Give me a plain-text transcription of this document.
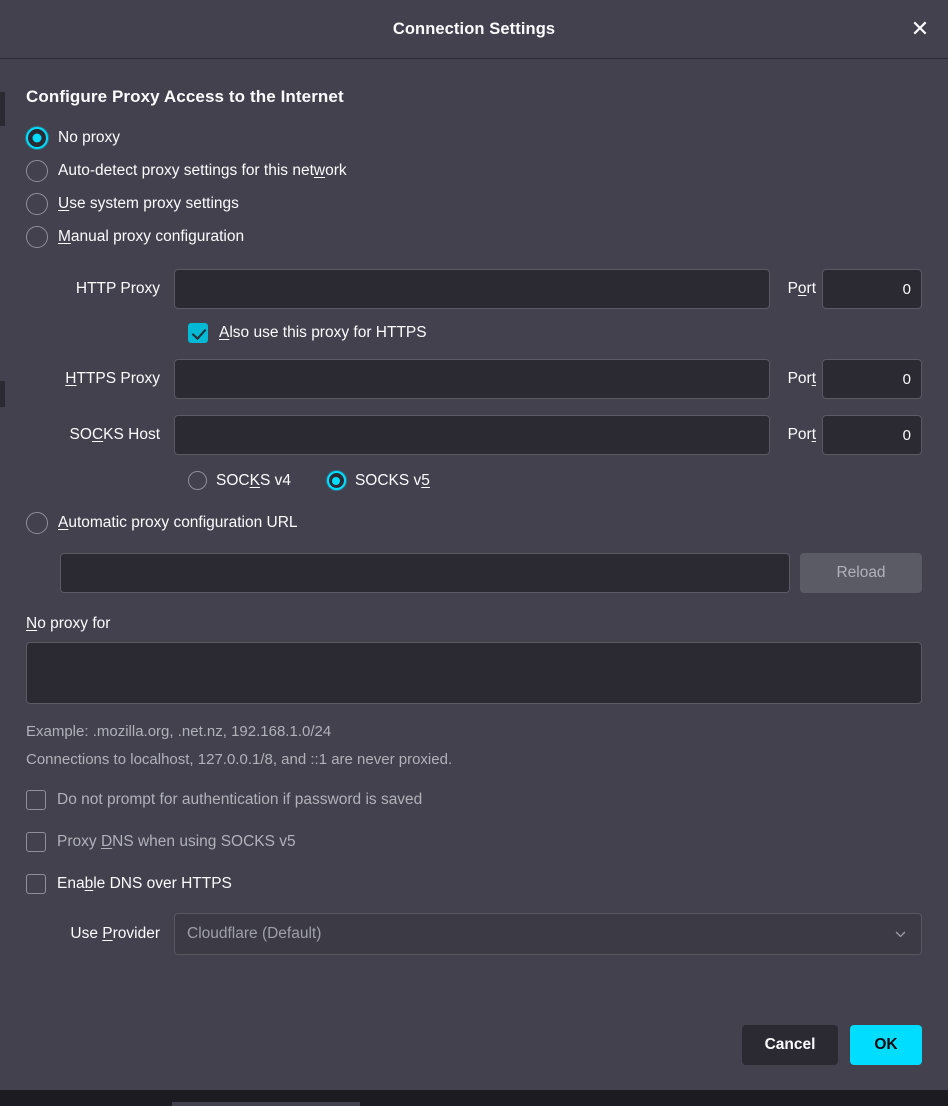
Connection Settings	✕
Configure Proxy Access to the Internet
No proxy
Auto-detect proxy settings for this network
Use system proxy settings
Manual proxy configuration
HTTP Proxy	Port
0
Also use this proxy for HTTPS
HTTPS Proxy	Port
0
SOCKS Host	Port
0
SOCKS v4	SOCKS v5
Automatic proxy configuration URL
Reload
No proxy for
Example: .mozilla.org, .net.nz, 192.168.1.0/24
Connections to localhost, 127.0.0.1/8, and ::1 are never proxied.
Do not prompt for authentication if password is saved
Proxy DNS when using SOCKS v5
Enable DNS over HTTPS
Use Provider	Cloudflare (Default)
Cancel	OK
